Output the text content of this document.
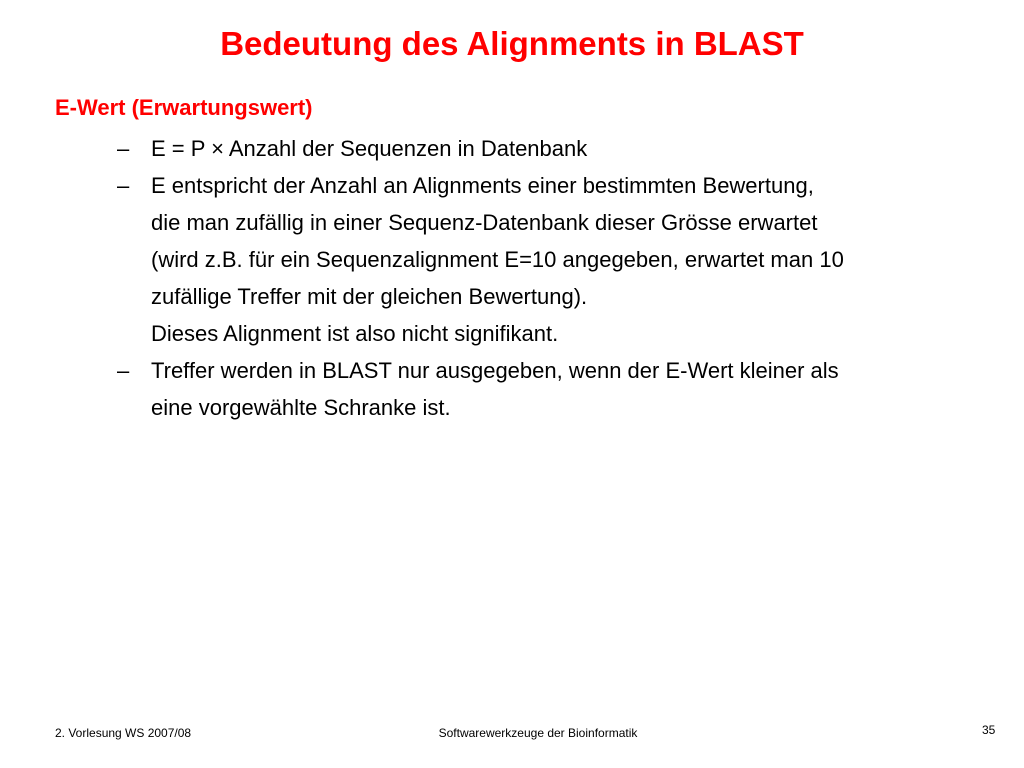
Bedeutung des Alignments in BLAST
E-Wert (Erwartungswert)
– E = P × Anzahl der Sequenzen in Datenbank
– E entspricht der Anzahl an Alignments einer bestimmten Bewertung,
die man zufällig in einer Sequenz-Datenbank dieser Grösse erwartet
(wird z.B. für ein Sequenzalignment E=10 angegeben, erwartet man 10
zufällige Treffer mit der gleichen Bewertung).
Dieses Alignment ist also nicht signifikant.
– Treffer werden in BLAST nur ausgegeben, wenn der E-Wert kleiner als
eine vorgewählte Schranke ist.
2. Vorlesung WS 2007/08	Softwarewerkzeuge der Bioinformatik	35
